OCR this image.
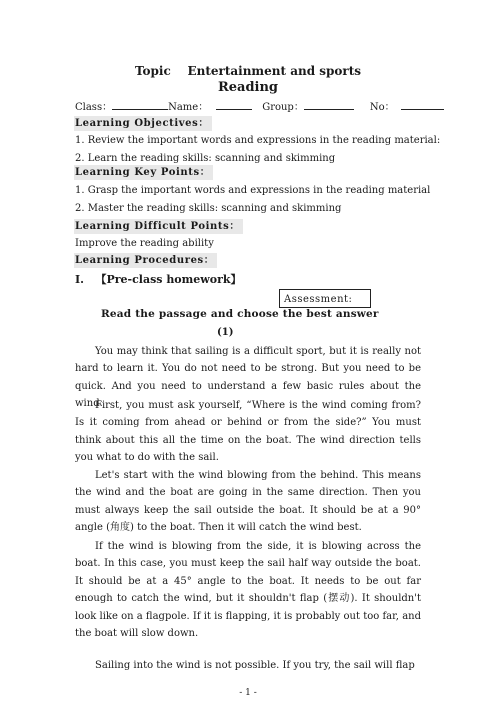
Topic    Entertainment and sports
Reading
Class：	Name：	Group：	No：
Learning Objectives：
1. Review the important words and expressions in the reading material:
2. Learn the reading skills: scanning and skimming
Learning Key Points：
1. Grasp the important words and expressions in the reading material
2. Master the reading skills: scanning and skimming
Learning Difficult Points：
Improve the reading ability
Learning Procedures：
I.   【Pre-class homework】
Assessment:
Read the passage and choose the best answer
(1)

You may think that sailing is a difficult sport, but it is really not hard to learn it. You do not need to be strong. But you need to be quick. And you need to understand a few basic rules about the wind.

First, you must ask yourself, “Where is the wind coming from? Is it coming from ahead or behind or from the side?” You must think about this all the time on the boat. The wind direction tells you what to do with the sail.

Let's start with the wind blowing from the behind. This means the wind and the boat are going in the same direction. Then you must always keep the sail outside the boat. It should be at a 90° angle (角度) to the boat. Then it will catch the wind best.

If the wind is blowing from the side, it is blowing across the boat. In this case, you must keep the sail half way outside the boat. It should be at a 45° angle to the boat. It needs to be out far enough to catch the wind, but it shouldn't flap (摆动). It shouldn't look like on a flagpole. If it is flapping, it is probably out too far, and the boat will slow down.

Sailing into the wind is not possible. If you try, the sail will flap

- 1 -
